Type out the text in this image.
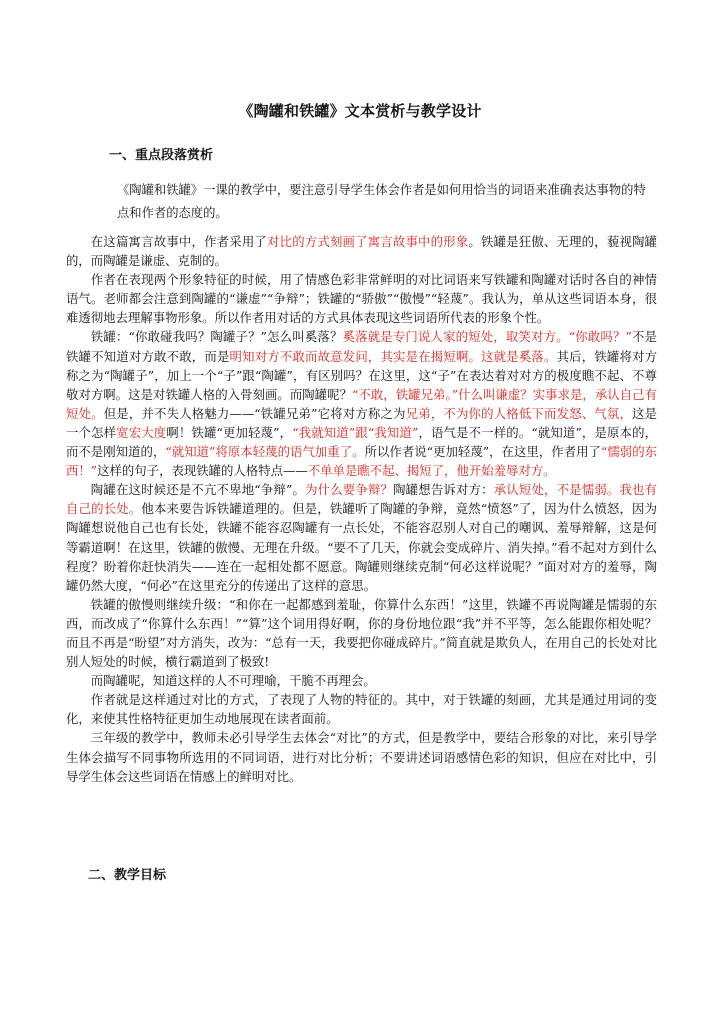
《陶罐和铁罐》文本赏析与教学设计
一、重点段落赏析
《陶罐和铁罐》一课的教学中，要注意引导学生体会作者是如何用恰当的词语来准确表达事物的特点和作者的态度的。

在这篇寓言故事中，作者采用了对比的方式刻画了寓言故事中的形象。铁罐是狂傲、无理的，藐视陶罐的，而陶罐是谦虚、克制的。

作者在表现两个形象特征的时候，用了情感色彩非常鲜明的对比词语来写铁罐和陶罐对话时各自的神情语气。老师都会注意到陶罐的“谦虚”“争辩”；铁罐的“骄傲”“傲慢”“轻蔑”。我认为，单从这些词语本身，很难透彻地去理解事物形象。所以作者用对话的方式具体表现这些词语所代表的形象个性。

铁罐：“你敢碰我吗？陶罐子？”怎么叫奚落？奚落就是专门说人家的短处，取笑对方。“你敢吗？”不是铁罐不知道对方敢不敢，而是明知对方不敢而故意发问，其实是在揭短啊。这就是奚落。其后，铁罐将对方称之为“陶罐子”，加上一个“子”跟“陶罐”，有区别吗？在这里，这“子”在表达着对对方的极度瞧不起、不尊敬对方啊。这是对铁罐人格的入骨刻画。而陶罐呢？“不敢，铁罐兄弟。”什么叫谦虚？实事求是，承认自己有短处。但是，并不失人格魅力——“铁罐兄弟”它将对方称之为兄弟，不为你的人格低下而发怒、气氛，这是一个怎样宽宏大度啊！铁罐“更加轻蔑”，“我就知道”跟“我知道”，语气是不一样的。“就知道”，是原本的，而不是刚知道的，“就知道”将原本轻蔑的语气加重了。所以作者说“更加轻蔑”，在这里，作者用了“懦弱的东西！”这样的句子，表现铁罐的人格特点——不单单是瞧不起、揭短了，他开始羞辱对方。

陶罐在这时候还是不亢不卑地“争辩”。为什么要争辩？陶罐想告诉对方：承认短处，不是懦弱。我也有自己的长处。他本来要告诉铁罐道理的。但是，铁罐听了陶罐的争辩，竟然“愤怒”了，因为什么愤怒，因为陶罐想说他自己也有长处，铁罐不能容忍陶罐有一点长处，不能容忍别人对自己的嘲讽、羞辱辩解，这是何等霸道啊！在这里，铁罐的傲慢、无理在升级。“要不了几天，你就会变成碎片、消失掉。”看不起对方到什么程度？盼着你赶快消失——连在一起相处都不愿意。陶罐则继续克制“何必这样说呢？”面对对方的羞辱，陶罐仍然大度，“何必”在这里充分的传递出了这样的意思。

铁罐的傲慢则继续升级：“和你在一起都感到羞耻，你算什么东西！”这里，铁罐不再说陶罐是懦弱的东西，而改成了“你算什么东西！”“算”这个词用得好啊，你的身份地位跟“我”并不平等，怎么能跟你相处呢？而且不再是“盼望”对方消失，改为：“总有一天，我要把你碰成碎片。”简直就是欺负人，在用自己的长处对比别人短处的时候，横行霸道到了极致!

而陶罐呢，知道这样的人不可理喻，干脆不再理会。

作者就是这样通过对比的方式，了表现了人物的特征的。其中，对于铁罐的刻画，尤其是通过用词的变化，来使其性格特征更加生动地展现在读者面前。

三年级的教学中，教师未必引导学生去体会“对比”的方式，但是教学中，要结合形象的对比，来引导学生体会描写不同事物所选用的不同词语，进行对比分析；不要讲述词语感情色彩的知识，但应在对比中，引导学生体会这些词语在情感上的鲜明对比。

二、教学目标
